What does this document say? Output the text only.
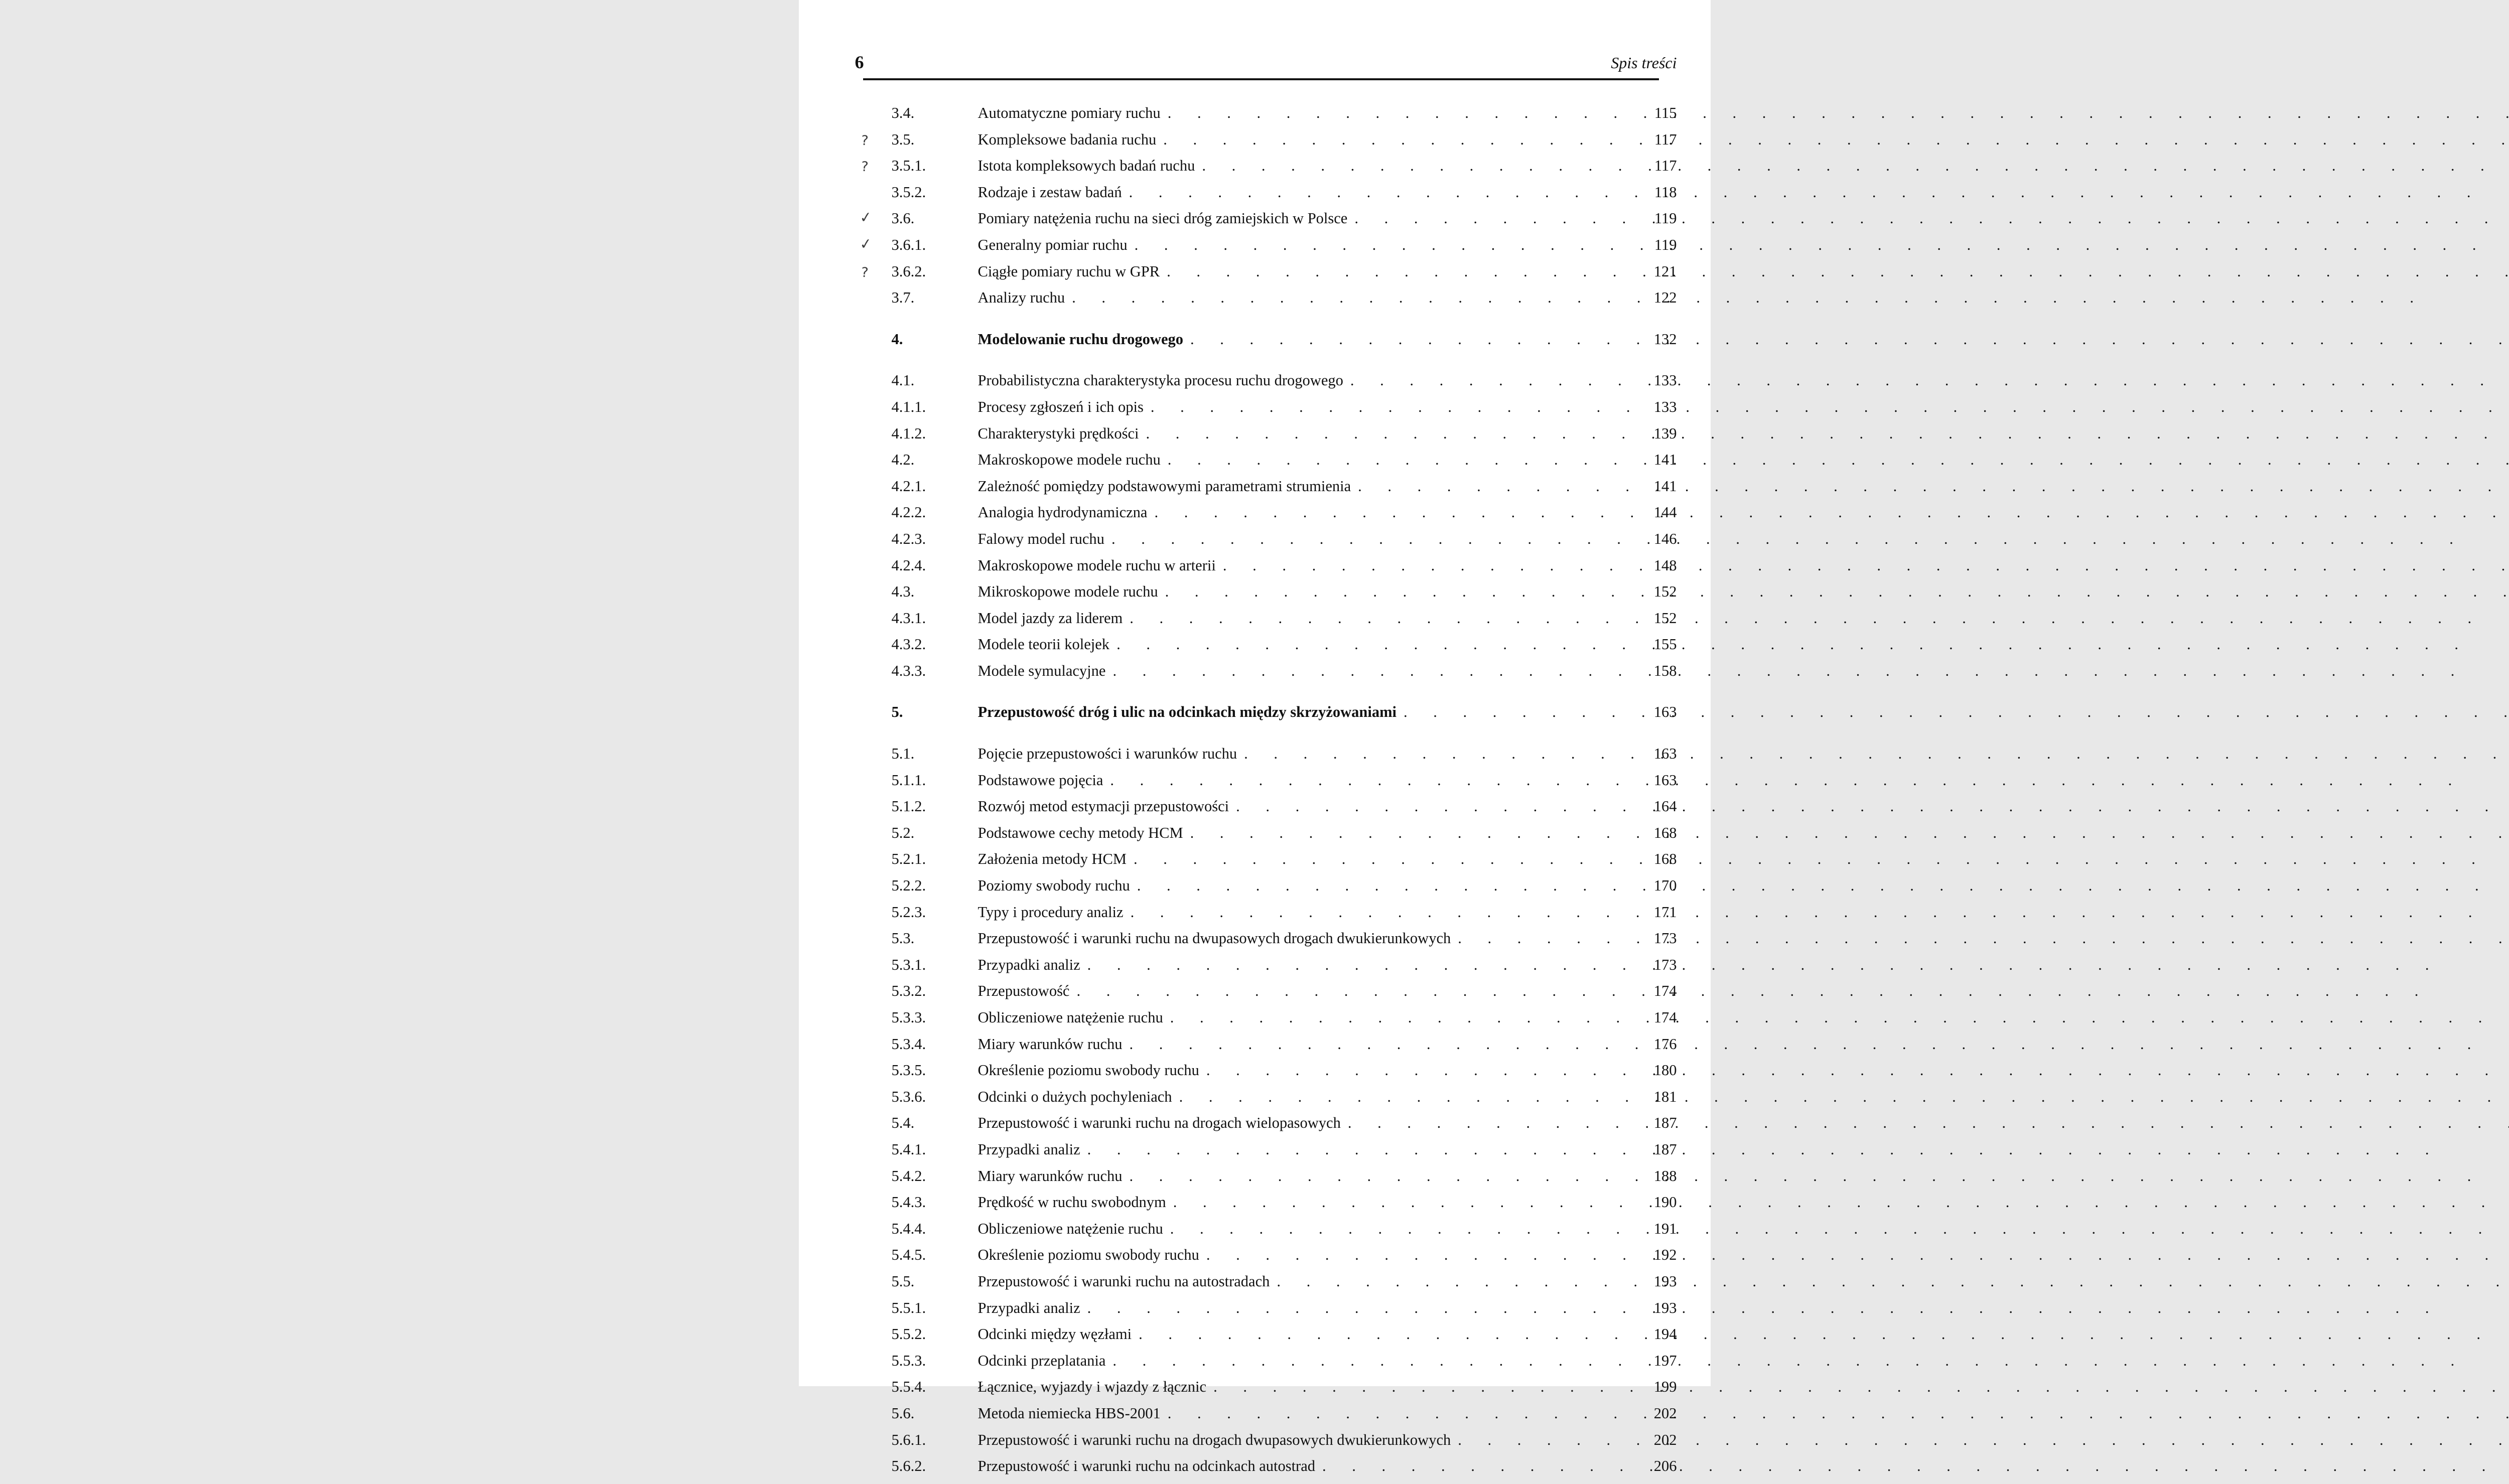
6	Spis treści
3.4.	Automatyczne pomiary ruchu . . .	115
?	3.5.	Kompleksowe badania ruchu . . .	117
?	3.5.1.	Istota kompleksowych badań ruchu . . .	117
3.5.2.	Rodzaje i zestaw badań . . .	118
✓	3.6.	Pomiary natężenia ruchu na sieci dróg zamiejskich w Polsce . . .	119
✓	3.6.1.	Generalny pomiar ruchu . . .	119
?	3.6.2.	Ciągłe pomiary ruchu w GPR . . .	121
3.7.	Analizy ruchu . . .	122
4.	Modelowanie ruchu drogowego . . .	132
4.1.	Probabilistyczna charakterystyka procesu ruchu drogowego . . .	133
4.1.1.	Procesy zgłoszeń i ich opis . . .	133
4.1.2.	Charakterystyki prędkości . . .	139
4.2.	Makroskopowe modele ruchu . . .	141
4.2.1.	Zależność pomiędzy podstawowymi parametrami strumienia . . .	141
4.2.2.	Analogia hydrodynamiczna . . .	144
4.2.3.	Falowy model ruchu . . .	146
4.2.4.	Makroskopowe modele ruchu w arterii . . .	148
4.3.	Mikroskopowe modele ruchu . . .	152
4.3.1.	Model jazdy za liderem . . .	152
4.3.2.	Modele teorii kolejek . . .	155
4.3.3.	Modele symulacyjne . . .	158
5.	Przepustowość dróg i ulic na odcinkach między skrzyżowaniami . . .	163
5.1.	Pojęcie przepustowości i warunków ruchu . . .	163
5.1.1.	Podstawowe pojęcia . . .	163
5.1.2.	Rozwój metod estymacji przepustowości . . .	164
5.2.	Podstawowe cechy metody HCM . . .	168
5.2.1.	Założenia metody HCM . . .	168
5.2.2.	Poziomy swobody ruchu . . .	170
5.2.3.	Typy i procedury analiz . . .	171
5.3.	Przepustowość i warunki ruchu na dwupasowych drogach dwukierunkowych . . .	173
5.3.1.	Przypadki analiz . . .	173
5.3.2.	Przepustowość . . .	174
5.3.3.	Obliczeniowe natężenie ruchu . . .	174
5.3.4.	Miary warunków ruchu . . .	176
5.3.5.	Określenie poziomu swobody ruchu . . .	180
5.3.6.	Odcinki o dużych pochyleniach . . .	181
5.4.	Przepustowość i warunki ruchu na drogach wielopasowych . . .	187
5.4.1.	Przypadki analiz . . .	187
5.4.2.	Miary warunków ruchu . . .	188
5.4.3.	Prędkość w ruchu swobodnym . . .	190
5.4.4.	Obliczeniowe natężenie ruchu . . .	191
5.4.5.	Określenie poziomu swobody ruchu . . .	192
5.5.	Przepustowość i warunki ruchu na autostradach . . .	193
5.5.1.	Przypadki analiz . . .	193
5.5.2.	Odcinki między węzłami . . .	194
5.5.3.	Odcinki przeplatania . . .	197
5.5.4.	Łącznice, wyjazdy i wjazdy z łącznic . . .	199
5.6.	Metoda niemiecka HBS-2001 . . .	202
5.6.1.	Przepustowość i warunki ruchu na drogach dwupasowych dwukierunkowych . . .	202
5.6.2.	Przepustowość i warunki ruchu na odcinkach autostrad . . .	206
